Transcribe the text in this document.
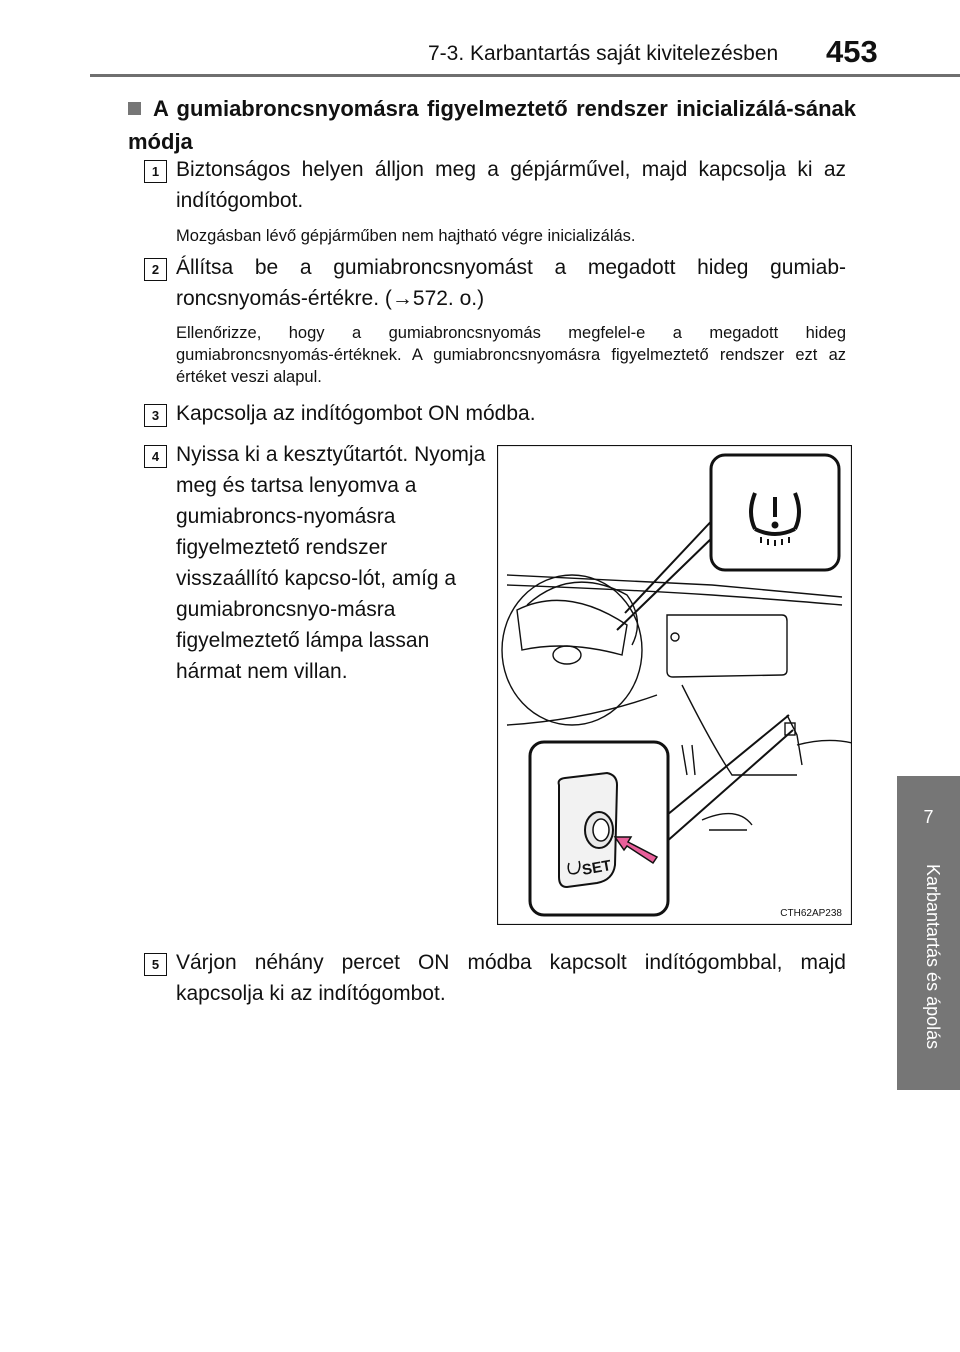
7-3. Karbantartás saját kivitelezésben 453
7
Karbantartás és ápolás
A gumiabroncsnyomásra figyelmeztető rendszer inicializálá-sának módja
1 Biztonságos helyen álljon meg a gépjárművel, majd kapcsolja ki az indítógombot.
Mozgásban lévő gépjárműben nem hajtható végre inicializálás.
2 Állítsa be a gumiabroncsnyomást a megadott hideg gumiab-roncsnyomás-értékre. (→572. o.)
Ellenőrizze, hogy a gumiabroncsnyomás megfelel-e a megadott hideg gumiabroncsnyomás-értéknek. A gumiabroncsnyomásra figyelmeztető rendszer ezt az értéket veszi alapul.
3 Kapcsolja az indítógombot ON módba.
4 Nyissa ki a kesztyűtartót. Nyomja meg és tartsa lenyomva a gumiabroncs-nyomásra figyelmeztető rendszer visszaállító kapcso-lót, amíg a gumiabroncsnyo-másra figyelmeztető lámpa lassan hármat nem villan.
SET
CTH62AP238
5 Várjon néhány percet ON módba kapcsolt indítógombbal, majd kapcsolja ki az indítógombot.
